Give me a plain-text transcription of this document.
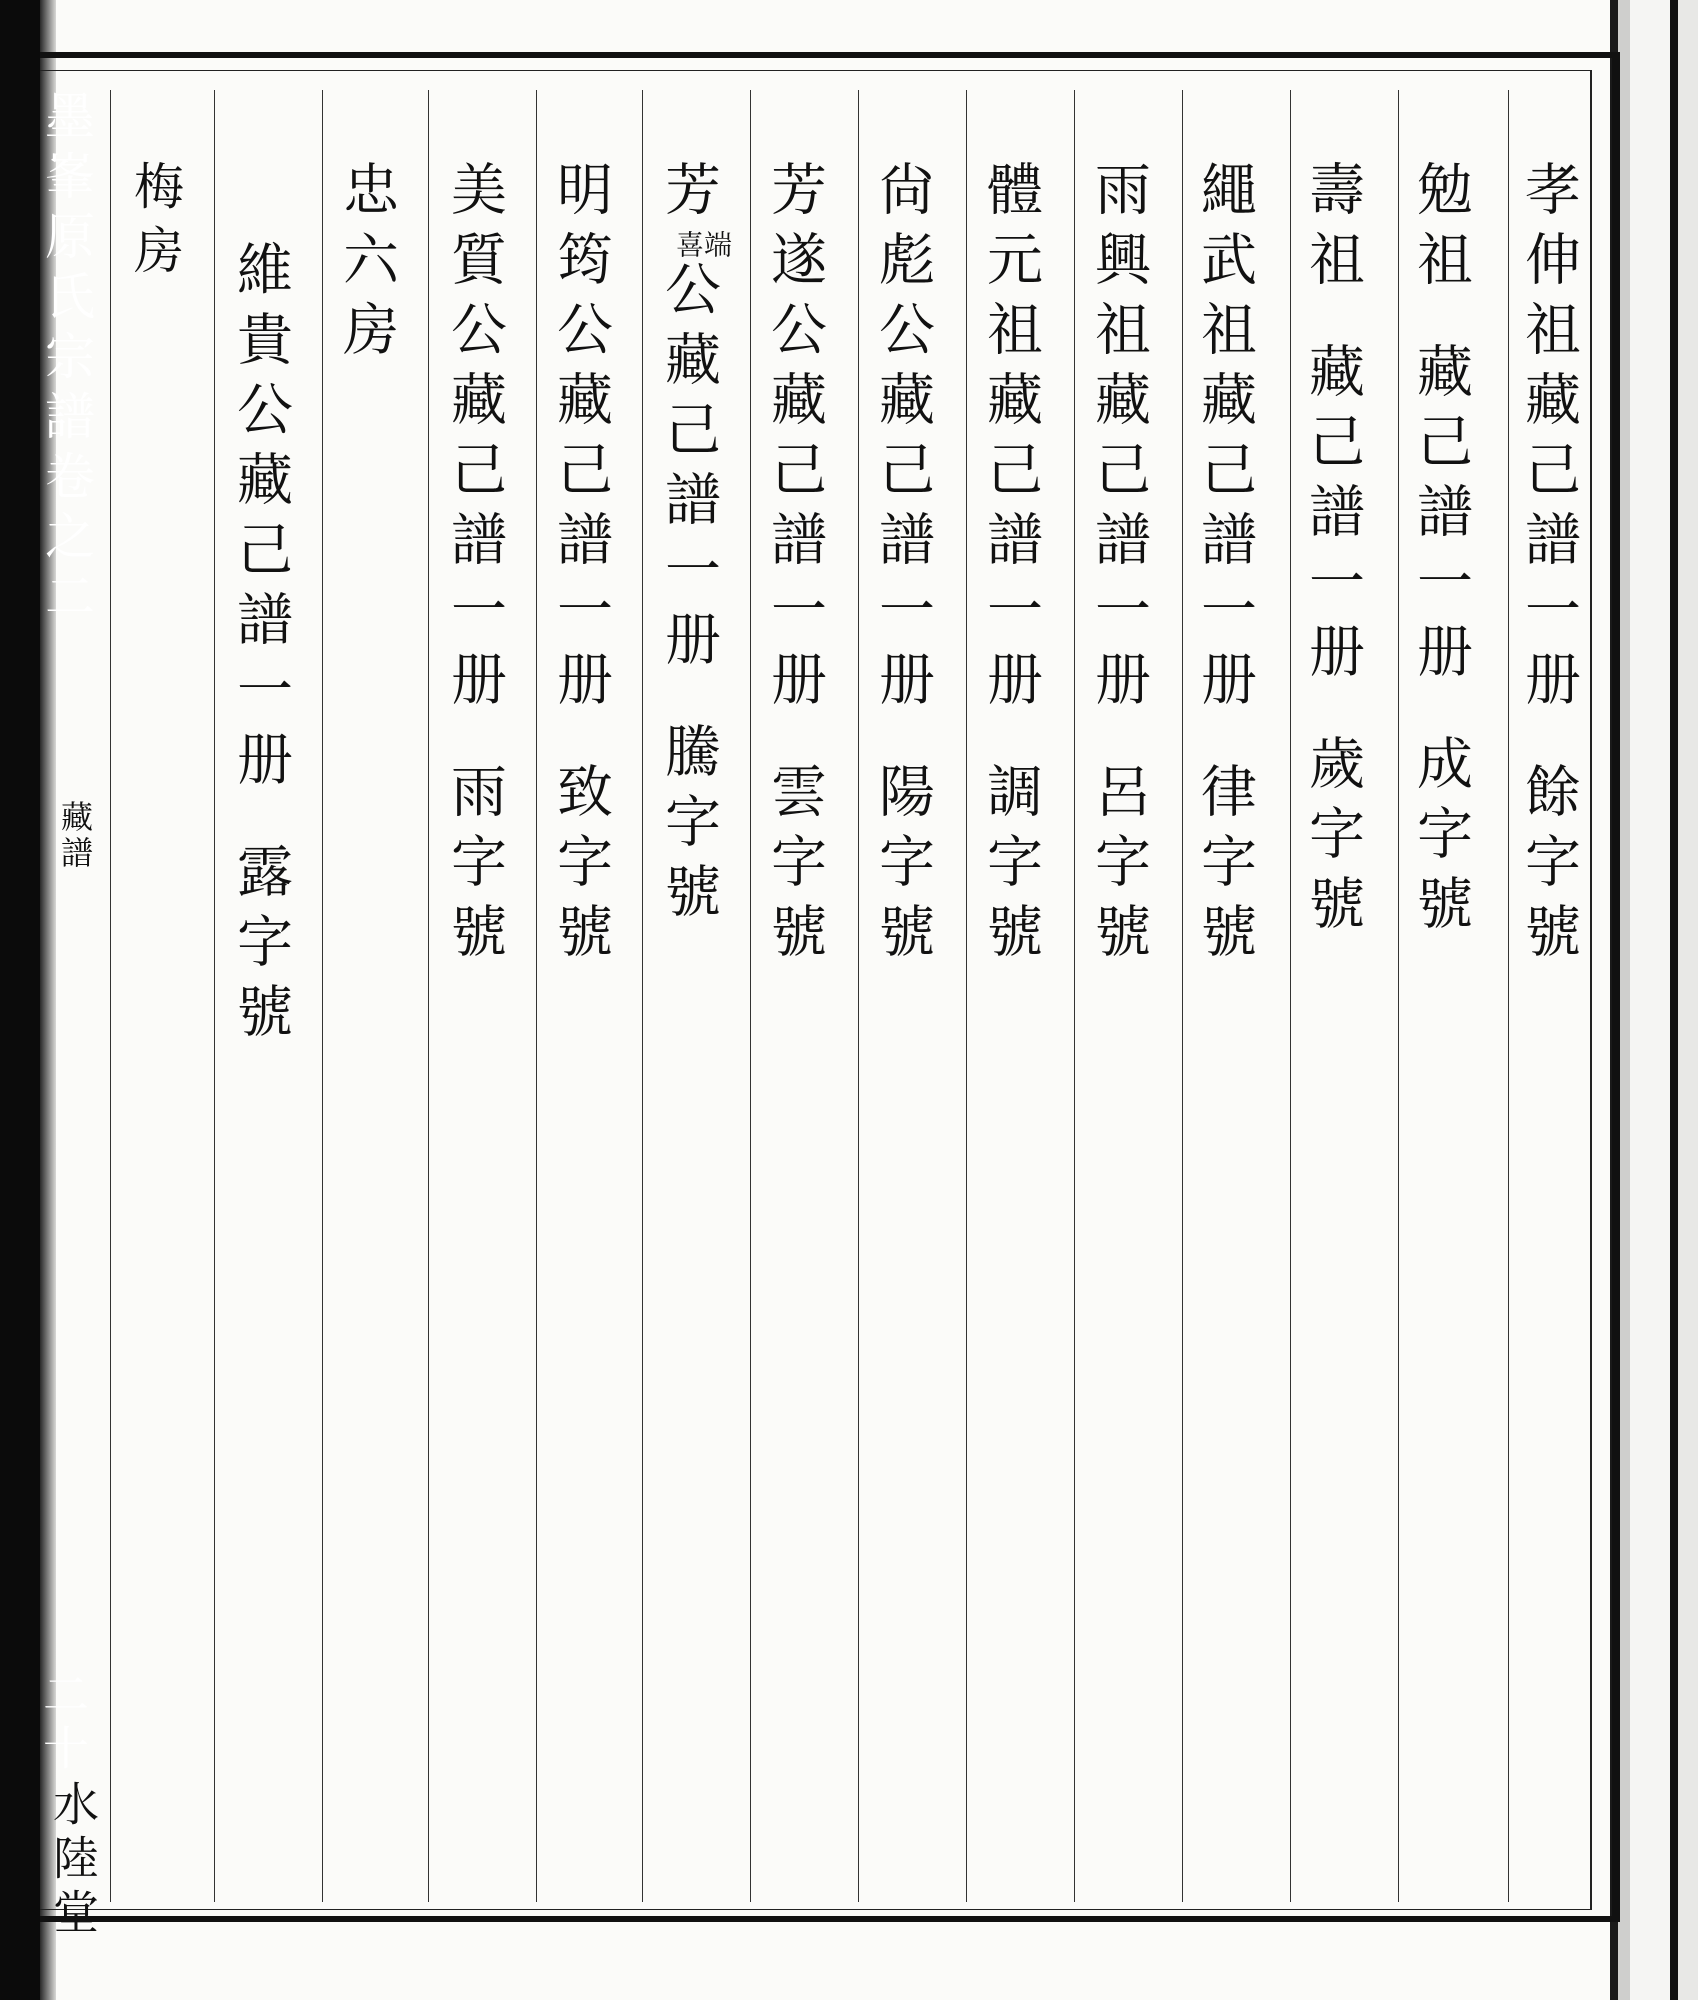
墨峯原氏宗譜卷之二
藏譜
二十
水陸堂
孝伸祖藏己譜一册餘字號
勉祖藏己譜一册成字號
壽祖藏己譜一册歲字號
繩武祖藏己譜一册律字號
雨興祖藏己譜一册呂字號
體元祖藏己譜一册調字號
尙彪公藏己譜一册陽字號
芳遂公藏己譜一册雲字號
芳
端
喜
公藏己譜一册騰字號
明筠公藏己譜一册致字號
美質公藏己譜一册雨字號
忠六房
維貴公藏己譜一册露字號
梅房
